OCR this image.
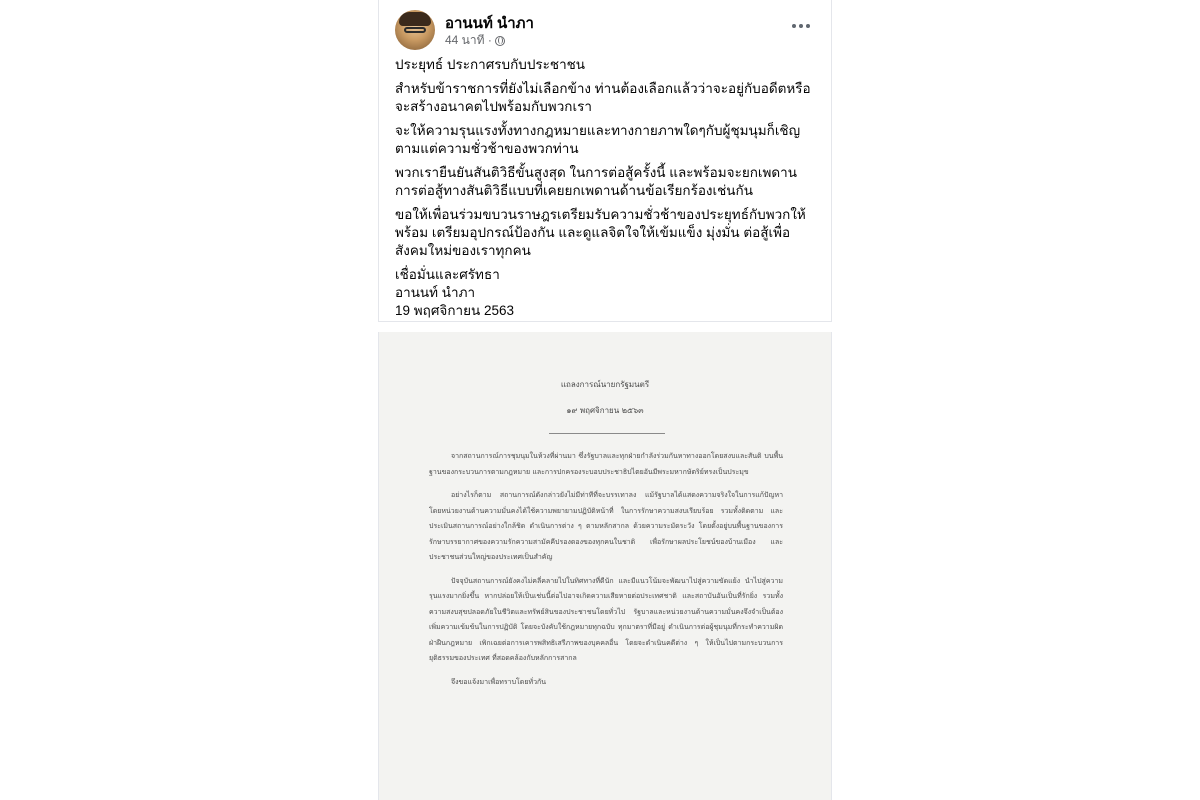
อานนท์ นำภา
44 นาที ·

ประยุทธ์ ประกาศรบกับประชาชน

สำหรับข้าราชการที่ยังไม่เลือกข้าง ท่านต้องเลือกแล้วว่าจะอยู่กับอดีตหรือจะสร้างอนาคตไปพร้อมกับพวกเรา

จะให้ความรุนแรงทั้งทางกฎหมายและทางกายภาพใดๆกับผู้ชุมนุมก็เชิญตามแต่ความชั่วช้าของพวกท่าน

พวกเรายืนยันสันติวิธีขั้นสูงสุด ในการต่อสู้ครั้งนี้ และพร้อมจะยกเพดานการต่อสู้ทางสันติวิธีแบบที่เคยยกเพดานด้านข้อเรียกร้องเช่นกัน

ขอให้เพื่อนร่วมขบวนราษฎรเตรียมรับความชั่วช้าของประยุทธ์กับพวกให้พร้อม เตรียมอุปกรณ์ป้องกัน และดูแลจิตใจให้เข้มแข็ง มุ่งมั่น ต่อสู้เพื่อสังคมใหม่ของเราทุกคน

เชื่อมั่นและศรัทธา
อานนท์ นำภา
19 พฤศจิกายน 2563
แถลงการณ์นายกรัฐมนตรี
๑๙ พฤศจิกายน ๒๕๖๓

จากสถานการณ์การชุมนุมในห้วงที่ผ่านมา ซึ่งรัฐบาลและทุกฝ่ายกำลังร่วมกันหาทางออกโดยสงบและสันติ บนพื้นฐานของกระบวนการตามกฎหมาย และการปกครองระบอบประชาธิปไตยอันมีพระมหากษัตริย์ทรงเป็นประมุข

อย่างไรก็ตาม สถานการณ์ดังกล่าวยังไม่มีท่าทีที่จะบรรเทาลง แม้รัฐบาลได้แสดงความจริงใจในการแก้ปัญหา โดยหน่วยงานด้านความมั่นคงได้ใช้ความพยายามปฏิบัติหน้าที่ ในการรักษาความสงบเรียบร้อย รวมทั้งติดตาม และประเมินสถานการณ์อย่างใกล้ชิด ดำเนินการต่าง ๆ ตามหลักสากล ด้วยความระมัดระวัง โดยตั้งอยู่บนพื้นฐานของการรักษาบรรยากาศของความรักความสามัคคีปรองดองของทุกคนในชาติ เพื่อรักษาผลประโยชน์ของบ้านเมือง และประชาชนส่วนใหญ่ของประเทศเป็นสำคัญ

ปัจจุบันสถานการณ์ยังคงไม่คลี่คลายไปในทิศทางที่ดีนัก และมีแนวโน้มจะพัฒนาไปสู่ความขัดแย้ง นำไปสู่ความรุนแรงมากยิ่งขึ้น หากปล่อยให้เป็นเช่นนี้ต่อไปอาจเกิดความเสียหายต่อประเทศชาติ และสถาบันอันเป็นที่รักยิ่ง รวมทั้งความสงบสุขปลอดภัยในชีวิตและทรัพย์สินของประชาชนโดยทั่วไป รัฐบาลและหน่วยงานด้านความมั่นคงจึงจำเป็นต้องเพิ่มความเข้มข้นในการปฏิบัติ โดยจะบังคับใช้กฎหมายทุกฉบับ ทุกมาตราที่มีอยู่ ดำเนินการต่อผู้ชุมนุมที่กระทำความผิด ฝ่าฝืนกฎหมาย เพิกเฉยต่อการเคารพสิทธิเสรีภาพของบุคคลอื่น โดยจะดำเนินคดีต่าง ๆ ให้เป็นไปตามกระบวนการยุติธรรมของประเทศ ที่สอดคล้องกับหลักการสากล

จึงขอแจ้งมาเพื่อทราบโดยทั่วกัน
